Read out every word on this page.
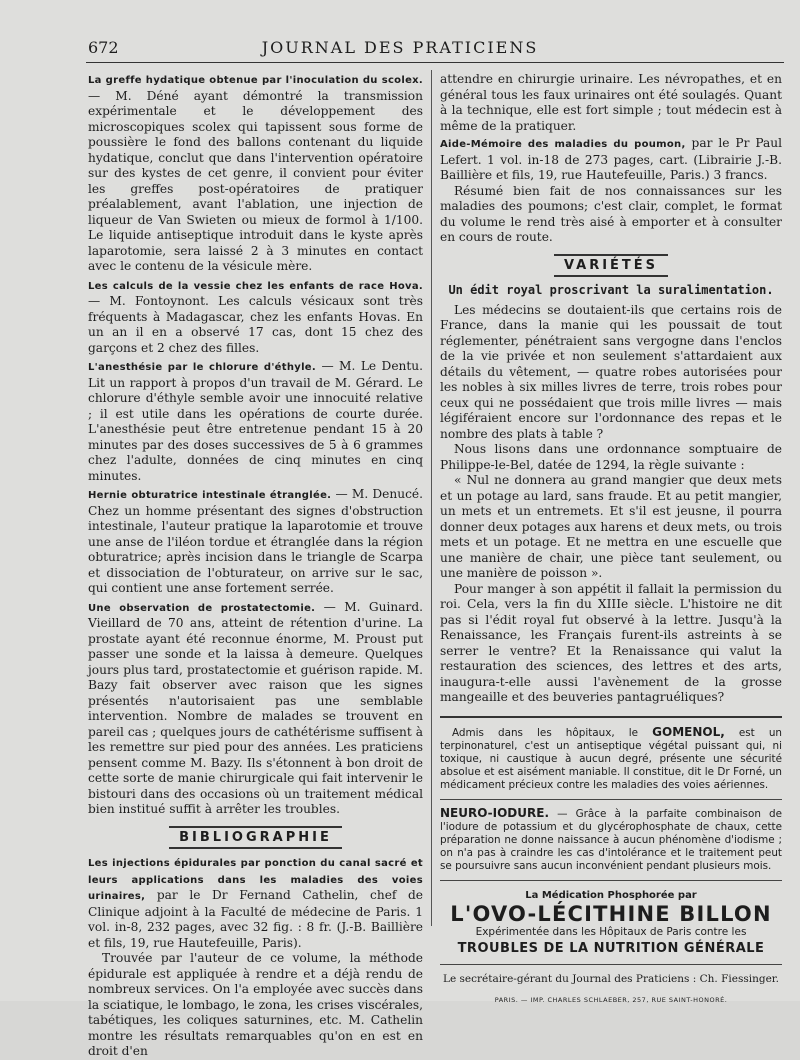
672	JOURNAL DES PRATICIENS

La greffe hydatique obtenue par l'inoculation du scolex. — M. Déné ayant démontré la transmission expérimentale et le développement des microscopiques scolex qui tapissent sous forme de poussière le fond des ballons contenant du liquide hydatique, conclut que dans l'intervention opératoire sur des kystes de cet genre, il convient pour éviter les greffes post-opératoires de pratiquer préalablement, avant l'ablation, une injection de liqueur de Van Swieten ou mieux de formol à 1/100. Le liquide antiseptique introduit dans le kyste après laparotomie, sera laissé 2 à 3 minutes en contact avec le contenu de la vésicule mère.

Les calculs de la vessie chez les enfants de race Hova. — M. Fontoynont. Les calculs vésicaux sont très fréquents à Madagascar, chez les enfants Hovas. En un an il en a observé 17 cas, dont 15 chez des garçons et 2 chez des filles.

L'anesthésie par le chlorure d'éthyle. — M. Le Dentu. Lit un rapport à propos d'un travail de M. Gérard. Le chlorure d'éthyle semble avoir une innocuité relative ; il est utile dans les opérations de courte durée. L'anesthésie peut être entretenue pendant 15 à 20 minutes par des doses successives de 5 à 6 grammes chez l'adulte, données de cinq minutes en cinq minutes.

Hernie obturatrice intestinale étranglée. — M. Denucé. Chez un homme présentant des signes d'obstruction intestinale, l'auteur pratique la laparotomie et trouve une anse de l'iléon tordue et étranglée dans la région obturatrice; après incision dans le triangle de Scarpa et dissociation de l'obturateur, on arrive sur le sac, qui contient une anse fortement serrée.

Une observation de prostatectomie. — M. Guinard. Vieillard de 70 ans, atteint de rétention d'urine. La prostate ayant été reconnue énorme, M. Proust put passer une sonde et la laissa à demeure. Quelques jours plus tard, prostatectomie et guérison rapide. M. Bazy fait observer avec raison que les signes présentés n'autorisaient pas une semblable intervention. Nombre de malades se trouvent en pareil cas ; quelques jours de cathétérisme suffisent à les remettre sur pied pour des années. Les praticiens pensent comme M. Bazy. Ils s'étonnent à bon droit de cette sorte de manie chirurgicale qui fait intervenir le bistouri dans des occasions où un traitement médical bien institué suffit à arrêter les troubles.

BIBLIOGRAPHIE

Les injections épidurales par ponction du canal sacré et leurs applications dans les maladies des voies urinaires, par le Dr Fernand Cathelin, chef de Clinique adjoint à la Faculté de médecine de Paris. 1 vol. in-8, 232 pages, avec 32 fig. : 8 fr. (J.-B. Baillière et fils, 19, rue Hautefeuille, Paris).

Trouvée par l'auteur de ce volume, la méthode épidurale est appliquée à rendre et a déjà rendu de nombreux services. On l'a employée avec succès dans la sciatique, le lombago, le zona, les crises viscérales, tabétiques, les coliques saturnines, etc. M. Cathelin montre les résultats remarquables qu'on en est en droit d'en

attendre en chirurgie urinaire. Les névropathes, et en général tous les faux urinaires ont été soulagés. Quant à la technique, elle est fort simple ; tout médecin est à même de la pratiquer.

Aide-Mémoire des maladies du poumon, par le Pr Paul Lefert. 1 vol. in-18 de 273 pages, cart. (Librairie J.-B. Baillière et fils, 19, rue Hautefeuille, Paris.) 3 francs.

Résumé bien fait de nos connaissances sur les maladies des poumons; c'est clair, complet, le format du volume le rend très aisé à emporter et à consulter en cours de route.

VARIÉTÉS
Un édit royal proscrivant la suralimentation.

Les médecins se doutaient-ils que certains rois de France, dans la manie qui les poussait de tout réglementer, pénétraient sans vergogne dans l'enclos de la vie privée et non seulement s'attardaient aux détails du vêtement, — quatre robes autorisées pour les nobles à six milles livres de terre, trois robes pour ceux qui ne possédaient que trois mille livres — mais légiféraient encore sur l'ordonnance des repas et le nombre des plats à table ?

Nous lisons dans une ordonnance somptuaire de Philippe-le-Bel, datée de 1294, la règle suivante :

« Nul ne donnera au grand mangier que deux mets et un potage au lard, sans fraude. Et au petit mangier, un mets et un entremets. Et s'il est jeusne, il pourra donner deux potages aux harens et deux mets, ou trois mets et un potage. Et ne mettra en une escuelle que une manière de chair, une pièce tant seulement, ou une manière de poisson ».

Pour manger à son appétit il fallait la permission du roi. Cela, vers la fin du XIIIe siècle. L'histoire ne dit pas si l'édit royal fut observé à la lettre. Jusqu'à la Renaissance, les Français furent-ils astreints à se serrer le ventre? Et la Renaissance qui valut la restauration des sciences, des lettres et des arts, inaugura-t-elle aussi l'avènement de la grosse mangeaille et des beuveries pantagruéliques?

Admis dans les hôpitaux, le GOMENOL, est un terpinonaturel, c'est un antiseptique végétal puissant qui, ni toxique, ni caustique à aucun degré, présente une sécurité absolue et est aisément maniable. Il constitue, dit le Dr Forné, un médicament précieux contre les maladies des voies aériennes.

NEURO-IODURE. — Grâce à la parfaite combinaison de l'iodure de potassium et du glycérophosphate de chaux, cette préparation ne donne naissance à aucun phénomène d'iodisme ; on n'a pas à craindre les cas d'intolérance et le traitement peut se poursuivre sans aucun inconvénient pendant plusieurs mois.

La Médication Phosphorée par
L'OVO-LÉCITHINE BILLON
Expérimentée dans les Hôpitaux de Paris contre les
TROUBLES DE LA NUTRITION GÉNÉRALE
Le secrétaire-gérant du Journal des Praticiens : Ch. Fiessinger.
PARIS. — IMP. CHARLES SCHLAEBER, 257, RUE SAINT-HONORÉ.
